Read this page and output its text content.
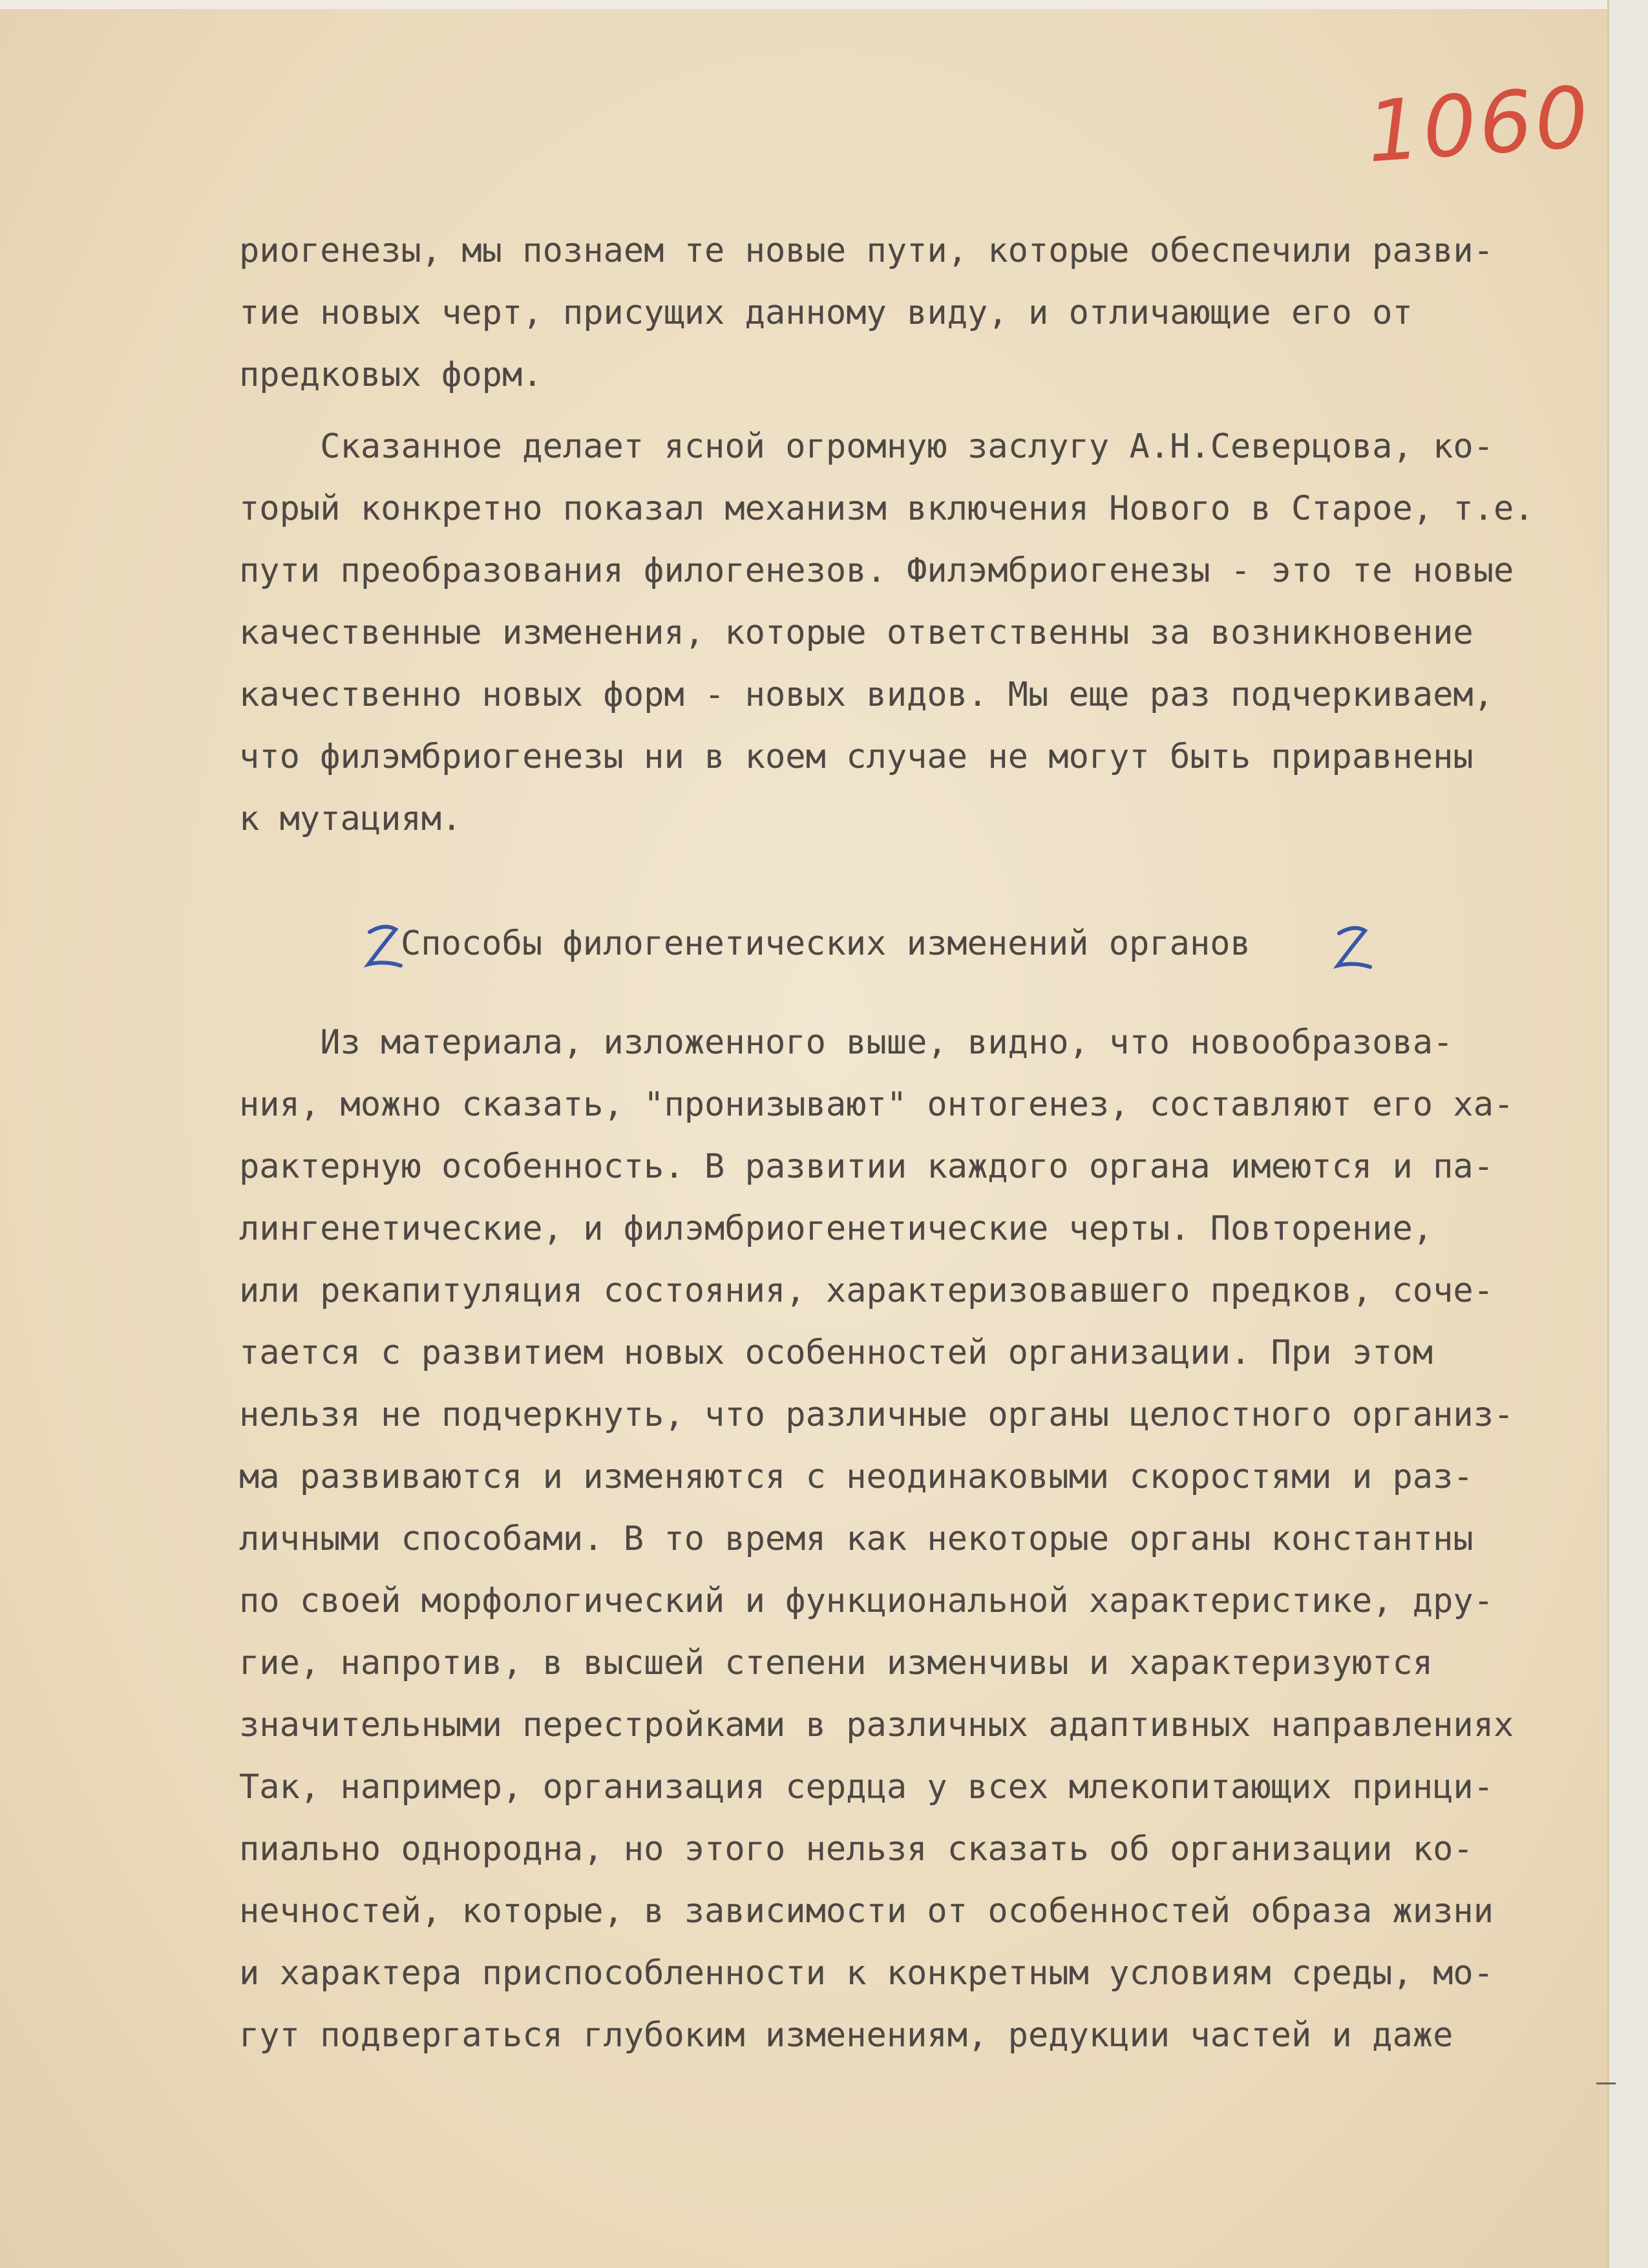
1060
риогенезы, мы познаем те новые пути, которые обеспечили разви-
тие новых черт, присущих данному виду, и отличающие его от
предковых форм.
Сказанное делает ясной огромную заслугу А.Н.Северцова, ко-
торый конкретно показал механизм включения Нового в Старое, т.е.
пути преобразования филогенезов. Филэмбриогенезы - это те новые
качественные изменения, которые ответственны за возникновение
качественно новых форм - новых видов. Мы еще раз подчеркиваем,
что филэмбриогенезы ни в коем случае не могут быть приравнены
к мутациям.
Способы филогенетических изменений органов
Из материала, изложенного выше, видно, что новообразова-
ния, можно сказать, "пронизывают" онтогенез, составляют его ха-
рактерную особенность. В развитии каждого органа имеются и па-
лингенетические, и филэмбриогенетические черты. Повторение,
или рекапитуляция состояния, характеризовавшего предков, соче-
тается с развитием новых особенностей организации. При этом
нельзя не подчеркнуть, что различные органы целостного организ-
ма развиваются и изменяются с неодинаковыми скоростями и раз-
личными способами. В то время как некоторые органы константны
по своей морфологический и функциональной характеристике, дру-
гие, напротив, в высшей степени изменчивы и характеризуются
значительными перестройками в различных адаптивных направлениях
Так, например, организация сердца у всех млекопитающих принци-
пиально однородна, но этого нельзя сказать об организации ко-
нечностей, которые, в зависимости от особенностей образа жизни
и характера приспособленности к конкретным условиям среды, мо-
гут подвергаться глубоким изменениям, редукции частей и даже
